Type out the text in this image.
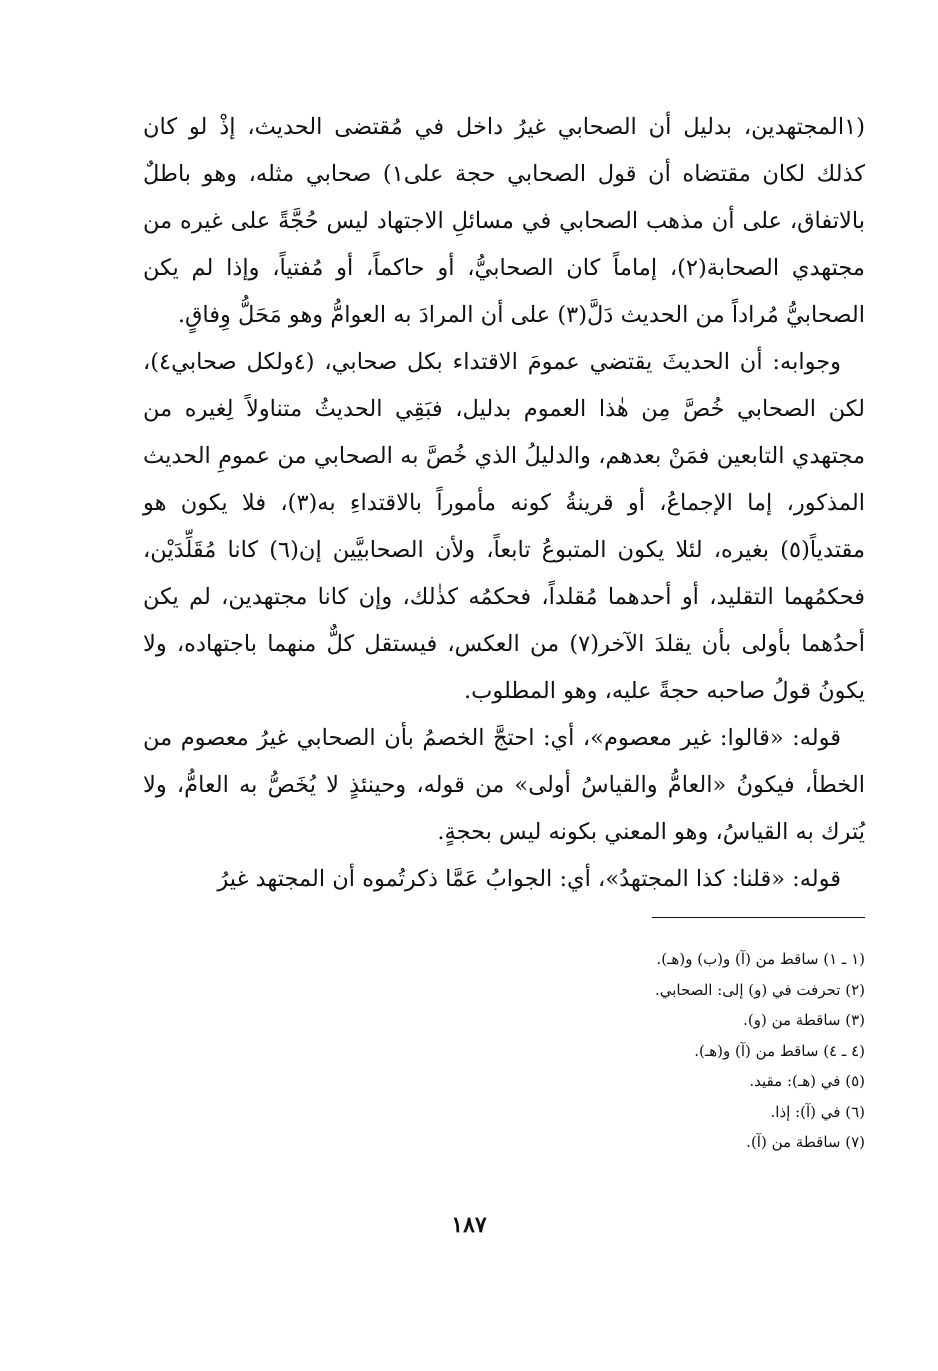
(١المجتهدين، بدليل أن الصحابي غيرُ داخل في مُقتضى الحديث، إذْ لو كان كذلك لكان مقتضاه أن قول الصحابي حجة على١) صحابي مثله، وهو باطلٌ بالاتفاق، على أن مذهب الصحابي في مسائلِ الاجتهاد ليس حُجَّةً على غيره من مجتهدي الصحابة(٢)، إماماً كان الصحابيُّ، أو حاكماً، أو مُفتياً، وإذا لم يكن الصحابيُّ مُراداً من الحديث دَلَّ(٣) على أن المرادَ به العوامُّ وهو مَحَلُّ وِفاقٍ.

وجوابه: أن الحديثَ يقتضي عمومَ الاقتداء بكل صحابي، (٤ولكل صحابي٤)، لكن الصحابي خُصَّ مِن هٰذا العموم بدليل، فبَقِي الحديثُ متناولاً لِغيره من مجتهدي التابعين فمَنْ بعدهم، والدليلُ الذي خُصَّ به الصحابي من عمومِ الحديث المذكور، إما الإجماعُ، أو قرينةُ كونه مأموراً بالاقتداءِ به(٣)، فلا يكون هو مقتدياً(٥) بغيره، لئلا يكون المتبوعُ تابعاً، ولأن الصحابيَّين إن(٦) كانا مُقَلِّدَيْن، فحكمُهما التقليد، أو أحدهما مُقلداً، فحكمُه كذٰلك، وإن كانا مجتهدين، لم يكن أحدُهما بأولى بأن يقلدَ الآخر(٧) من العكس، فيستقل كلٌّ منهما باجتهاده، ولا يكونُ قولُ صاحبه حجةً عليه، وهو المطلوب.

قوله: «قالوا: غير معصوم»، أي: احتجَّ الخصمُ بأن الصحابي غيرُ معصوم من الخطأ، فيكونُ «العامُّ والقياسُ أولى» من قوله، وحينئذٍ لا يُخَصُّ به العامُّ، ولا يُترك به القياسُ، وهو المعني بكونه ليس بحجةٍ.

قوله: «قلنا: كذا المجتهدُ»، أي: الجوابُ عَمَّا ذكرتُموه أن المجتهد غيرُ

(١ ـ ١) ساقط من (آ) و(ب) و(هـ).
(٢) تحرفت في (و) إلى: الصحابي.
(٣) ساقطة من (و).
(٤ ـ ٤) ساقط من (آ) و(هـ).
(٥) في (هـ): مقيد.
(٦) في (آ): إذا.
(٧) ساقطة من (آ).
١٨٧
